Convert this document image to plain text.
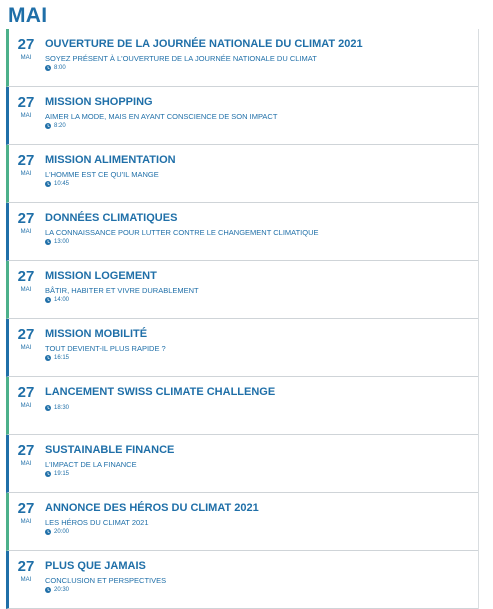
MAI
27
MAI
OUVERTURE DE LA JOURNÉE NATIONALE DU CLIMAT 2021
SOYEZ PRÉSENT À L'OUVERTURE DE LA JOURNÉE NATIONALE DU CLIMAT
8:00
27
MAI
MISSION SHOPPING
AIMER LA MODE, MAIS EN AYANT CONSCIENCE DE SON IMPACT
8:20
27
MAI
MISSION ALIMENTATION
L'HOMME EST CE QU'IL MANGE
10:45
27
MAI
DONNÉES CLIMATIQUES
LA CONNAISSANCE POUR LUTTER CONTRE LE CHANGEMENT CLIMATIQUE
13:00
27
MAI
MISSION LOGEMENT
BÂTIR, HABITER ET VIVRE DURABLEMENT
14:00
27
MAI
MISSION MOBILITÉ
TOUT DEVIENT-IL PLUS RAPIDE ?
16:15
27
MAI
LANCEMENT SWISS CLIMATE CHALLENGE
18:30
27
MAI
SUSTAINABLE FINANCE
L'IMPACT DE LA FINANCE
19:15
27
MAI
ANNONCE DES HÉROS DU CLIMAT 2021
LES HÉROS DU CLIMAT 2021
20:00
27
MAI
PLUS QUE JAMAIS
CONCLUSION ET PERSPECTIVES
20:30
